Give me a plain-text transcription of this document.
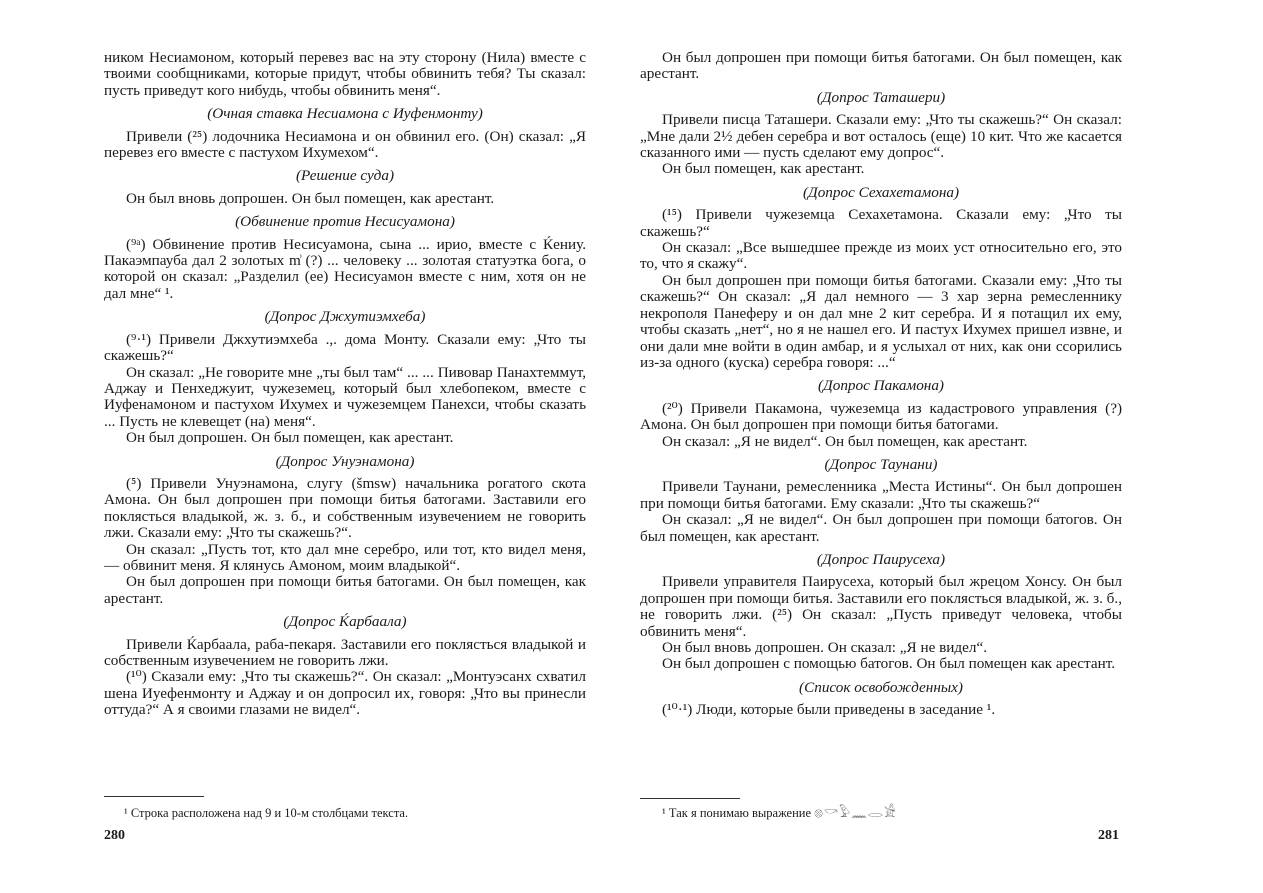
ником Несиамоном, который перевез вас на эту сторону (Нила) вместе с твоими сообщниками, которые придут, чтобы обвинить тебя? Ты сказал: пусть приведут кого нибудь, чтобы обвинить меня“.
(Очная ставка Несиамона с Иуфенмонту)
Привели (²⁵) лодочника Несиамона и он обвинил его. (Он) сказал: „Я перевез его вместе с пастухом Ихумехом“.
(Решение суда)
Он был вновь допрошен. Он был помещен, как арестант.
(Обвинение против Несисуамона)
(⁹ᵃ) Обвинение против Несисуамона, сына ... ирио, вместе с Ќениу. Пакаэмпауба дал 2 золотых m͗ (?) ... человеку ... золотая статуэтка бога, о которой он сказал: „Разделил (ее) Несисуамон вместе с ним, хотя он не дал мне“ ¹.
(Допрос Джхутиэмхеба)
(⁹·¹) Привели Джхутиэмхеба .,. дома Монту. Сказали ему: „Что ты скажешь?“
Он сказал: „Не говорите мне „ты был там“ ... ... Пивовар Панахтеммут, Аджау и Пенхеджуит, чужеземец, который был хлебопеком, вместе с Иуфенамоном и пастухом Ихумех и чужеземцем Панехси, чтобы сказать ... Пусть не клевещет (на) меня“.
Он был допрошен. Он был помещен, как арестант.
(Допрос Унуэнамона)
(⁵) Привели Унуэнамона, слугу (šmsw) начальника рогатого скота Амона. Он был допрошен при помощи битья батогами. Заставили его поклясться владыкой, ж. з. б., и собственным изувечением не говорить лжи. Сказали ему: „Что ты скажешь?“.
Он сказал: „Пусть тот, кто дал мне серебро, или тот, кто видел меня, — обвинит меня. Я клянусь Амоном, моим владыкой“.
Он был допрошен при помощи битья батогами. Он был помещен, как арестант.
(Допрос Ќарбаала)
Привели Ќарбаала, раба-пекаря. Заставили его поклясться владыкой и собственным изувечением не говорить лжи.
(¹⁰) Сказали ему: „Что ты скажешь?“. Он сказал: „Монтуэсанх схватил шена Иуефенмонту и Аджау и он допросил их, говоря: „Что вы принесли оттуда?“ А я своими глазами не видел“.
¹ Строка расположена над 9 и 10-м столбцами текста.
280
Он был допрошен при помощи битья батогами. Он был помещен, как арестант.
(Допрос Таташери)
Привели писца Таташери. Сказали ему: „Что ты скажешь?“ Он сказал: „Мне дали 2½ дебен серебра и вот осталось (еще) 10 кит. Что же касается сказанного ими — пусть сделают ему допрос“.
Он был помещен, как арестант.
(Допрос Сехахетамона)
(¹⁵) Привели чужеземца Сехахетамона. Сказали ему: „Что ты скажешь?“
Он сказал: „Все вышедшее прежде из моих уст относительно его, это то, что я скажу“.
Он был допрошен при помощи битья батогами. Сказали ему: „Что ты скажешь?“ Он сказал: „Я дал немного — 3 хар зерна ремесленнику некрополя Панеферу и он дал мне 2 кит серебра. И я потащил их ему, чтобы сказать „нет“, но я не нашел его. И пастух Ихумех пришел извне, и они дали мне войти в один амбар, и я услыхал от них, как они ссорились из-за одного (куска) серебра говоря: ...“
(Допрос Пакамона)
(²⁰) Привели Пакамона, чужеземца из кадастрового управления (?) Амона. Он был допрошен при помощи битья батогами.
Он сказал: „Я не видел“. Он был помещен, как арестант.
(Допрос Таунани)
Привели Таунани, ремесленника „Места Истины“. Он был допрошен при помощи битья батогами. Ему сказали: „Что ты скажешь?“
Он сказал: „Я не видел“. Он был допрошен при помощи батогов. Он был помещен, как арестант.
(Допрос Паирусеха)
Привели управителя Паирусеха, который был жрецом Хонсу. Он был допрошен при помощи битья. Заставили его поклясться владыкой, ж. з. б., не говорить лжи. (²⁵) Он сказал: „Пусть приведут человека, чтобы обвинить меня“.
Он был вновь допрошен. Он сказал: „Я не видел“.
Он был допрошен с помощью батогов. Он был помещен как арестант.
(Список освобожденных)
(¹⁰·¹) Люди, которые были приведены в заседание ¹.
¹ Так я понимаю выражение 𓊖𓎡𓅱𓈖𓂋𓀀
281
